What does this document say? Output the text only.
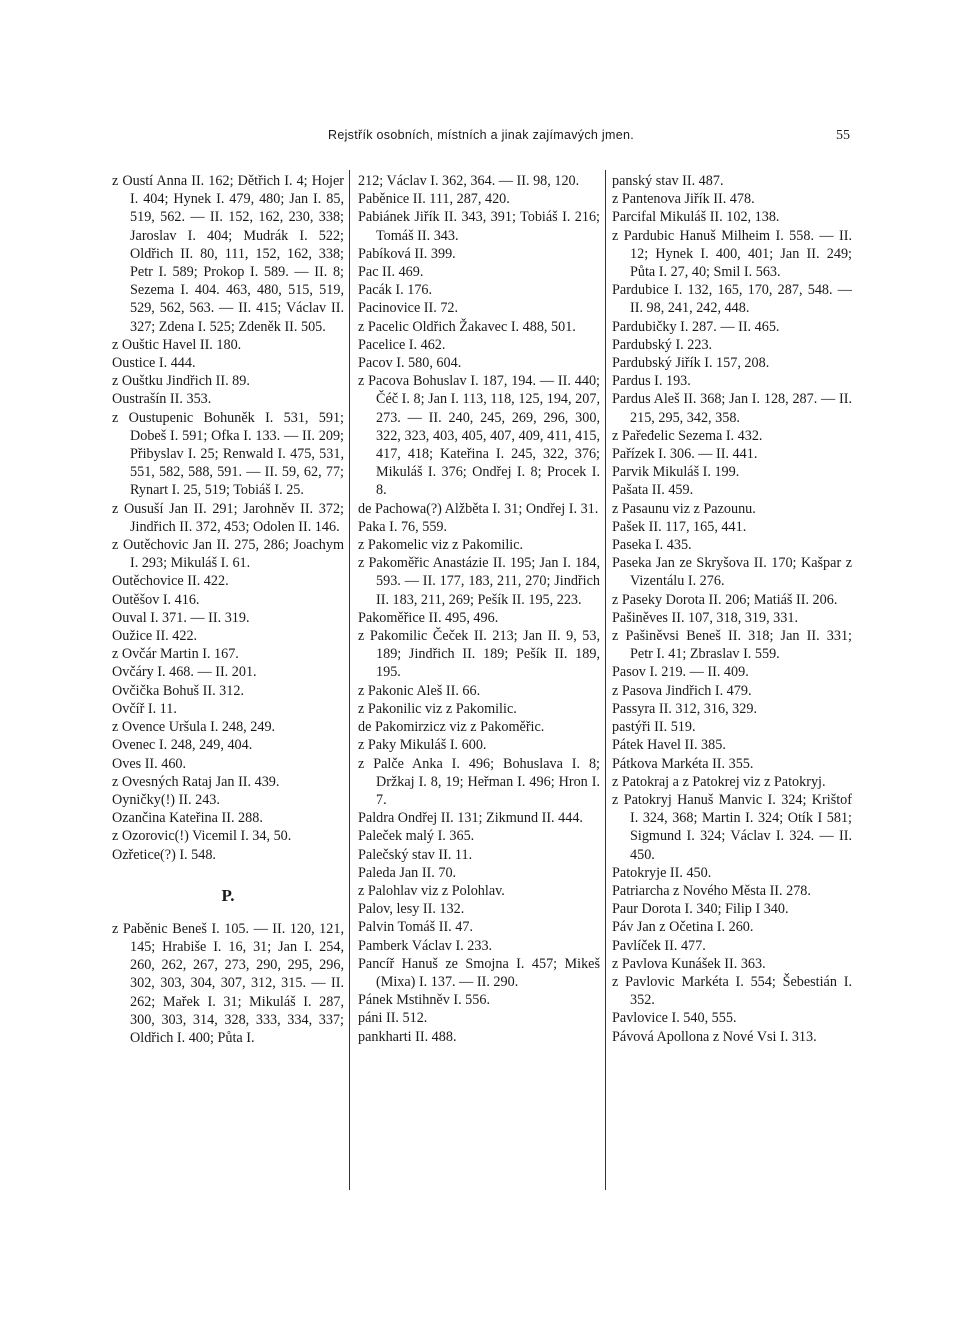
Rejstřík osobních, místních a jinak zajímavých jmen.	55

z Oustí Anna II. 162; Dětřich I. 4; Hojer I. 404; Hynek I. 479, 480; Jan I. 85, 519, 562. — II. 152, 162, 230, 338; Jaroslav I. 404; Mudrák I. 522; Oldřich II. 80, 111, 152, 162, 338; Petr I. 589; Prokop I. 589. — II. 8; Sezema I. 404. 463, 480, 515, 519, 529, 562, 563. — II. 415; Václav II. 327; Zdena I. 525; Zdeněk II. 505.

z Ouštic Havel II. 180.

Oustice I. 444.

z Ouštku Jindřich II. 89.

Oustrašín II. 353.

z Oustupenic Bohuněk I. 531, 591; Dobeš I. 591; Ofka I. 133. — II. 209; Přibyslav I. 25; Renwald I. 475, 531, 551, 582, 588, 591. — II. 59, 62, 77; Rynart I. 25, 519; Tobiáš I. 25.

z Ousuší Jan II. 291; Jarohněv II. 372; Jindřich II. 372, 453; Odolen II. 146.

z Outěchovic Jan II. 275, 286; Joachym I. 293; Mikuláš I. 61.

Outěchovice II. 422.

Outěšov I. 416.

Ouval I. 371. — II. 319.

Oužice II. 422.

z Ovčár Martin I. 167.

Ovčáry I. 468. — II. 201.

Ovčička Bohuš II. 312.

Ovčíř I. 11.

z Ovence Uršula I. 248, 249.

Ovenec I. 248, 249, 404.

Oves II. 460.

z Ovesných Rataj Jan II. 439.

Oyničky(!) II. 243.

Ozančina Kateřina II. 288.

z Ozorovic(!) Vicemil I. 34, 50.

Ozřetice(?) I. 548.

P.

z Paběnic Beneš I. 105. — II. 120, 121, 145; Hrabiše I. 16, 31; Jan I. 254, 260, 262, 267, 273, 290, 295, 296, 302, 303, 304, 307, 312, 315. — II. 262; Mařek I. 31; Mikuláš I. 287, 300, 303, 314, 328, 333, 334, 337; Oldřich I. 400; Půta I.

212; Václav I. 362, 364. — II. 98, 120.

Paběnice II. 111, 287, 420.

Pabiánek Jiřík II. 343, 391; Tobiáš I. 216; Tomáš II. 343.

Pabíková II. 399.

Pac II. 469.

Pacák I. 176.

Pacinovice II. 72.

z Pacelic Oldřich Žakavec I. 488, 501.

Pacelice I. 462.

Pacov I. 580, 604.

z Pacova Bohuslav I. 187, 194. — II. 440; Čéč I. 8; Jan I. 113, 118, 125, 194, 207, 273. — II. 240, 245, 269, 296, 300, 322, 323, 403, 405, 407, 409, 411, 415, 417, 418; Kateřina I. 245, 322, 376; Mikuláš I. 376; Ondřej I. 8; Procek I. 8.

de Pachowa(?) Alžběta I. 31; Ondřej I. 31.

Paka I. 76, 559.

z Pakomelic viz z Pakomilic.

z Pakoměřic Anastázie II. 195; Jan I. 184, 593. — II. 177, 183, 211, 270; Jindřich II. 183, 211, 269; Pešík II. 195, 223.

Pakoměřice II. 495, 496.

z Pakomilic Čeček II. 213; Jan II. 9, 53, 189; Jindřich II. 189; Pešík II. 189, 195.

z Pakonic Aleš II. 66.

z Pakonilic viz z Pakomilic.

de Pakomirzicz viz z Pakoměřic.

z Paky Mikuláš I. 600.

z Palče Anka I. 496; Bohuslava I. 8; Držkaj I. 8, 19; Heřman I. 496; Hron I. 7.

Paldra Ondřej II. 131; Zikmund II. 444.

Paleček malý I. 365.

Palečský stav II. 11.

Paleda Jan II. 70.

z Palohlav viz z Polohlav.

Palov, lesy II. 132.

Palvin Tomáš II. 47.

Pamberk Václav I. 233.

Pancíř Hanuš ze Smojna I. 457; Mikeš (Mixa) I. 137. — II. 290.

Pánek Mstihněv I. 556.

páni II. 512.

pankharti II. 488.

panský stav II. 487.

z Pantenova Jiřík II. 478.

Parcifal Mikuláš II. 102, 138.

z Pardubic Hanuš Milheim I. 558. — II. 12; Hynek I. 400, 401; Jan II. 249; Půta I. 27, 40; Smil I. 563.

Pardubice I. 132, 165, 170, 287, 548. — II. 98, 241, 242, 448.

Pardubičky I. 287. — II. 465.

Pardubský I. 223.

Pardubský Jiřík I. 157, 208.

Pardus I. 193.

Pardus Aleš II. 368; Jan I. 128, 287. — II. 215, 295, 342, 358.

z Pařeđelic Sezema I. 432.

Pařízek I. 306. — II. 441.

Parvik Mikuláš I. 199.

Pašata II. 459.

z Pasaunu viz z Pazounu.

Pašek II. 117, 165, 441.

Paseka I. 435.

Paseka Jan ze Skryšova II. 170; Kašpar z Vizentálu I. 276.

z Paseky Dorota II. 206; Matiáš II. 206.

Pašiněves II. 107, 318, 319, 331.

z Pašiněvsi Beneš II. 318; Jan II. 331; Petr I. 41; Zbraslav I. 559.

Pasov I. 219. — II. 409.

z Pasova Jindřich I. 479.

Passyra II. 312, 316, 329.

pastýři II. 519.

Pátek Havel II. 385.

Pátkova Markéta II. 355.

z Patokraj a z Patokrej viz z Patokryj.

z Patokryj Hanuš Manvic I. 324; Krištof I. 324, 368; Martin I. 324; Otík I 581; Sigmund I. 324; Václav I. 324. — II. 450.

Patokryje II. 450.

Patriarcha z Nového Města II. 278.

Paur Dorota I. 340; Filip I 340.

Páv Jan z Očetina I. 260.

Pavlíček II. 477.

z Pavlova Kunášek II. 363.

z Pavlovic Markéta I. 554; Šebestián I. 352.

Pavlovice I. 540, 555.

Pávová Apollona z Nové Vsi I. 313.
